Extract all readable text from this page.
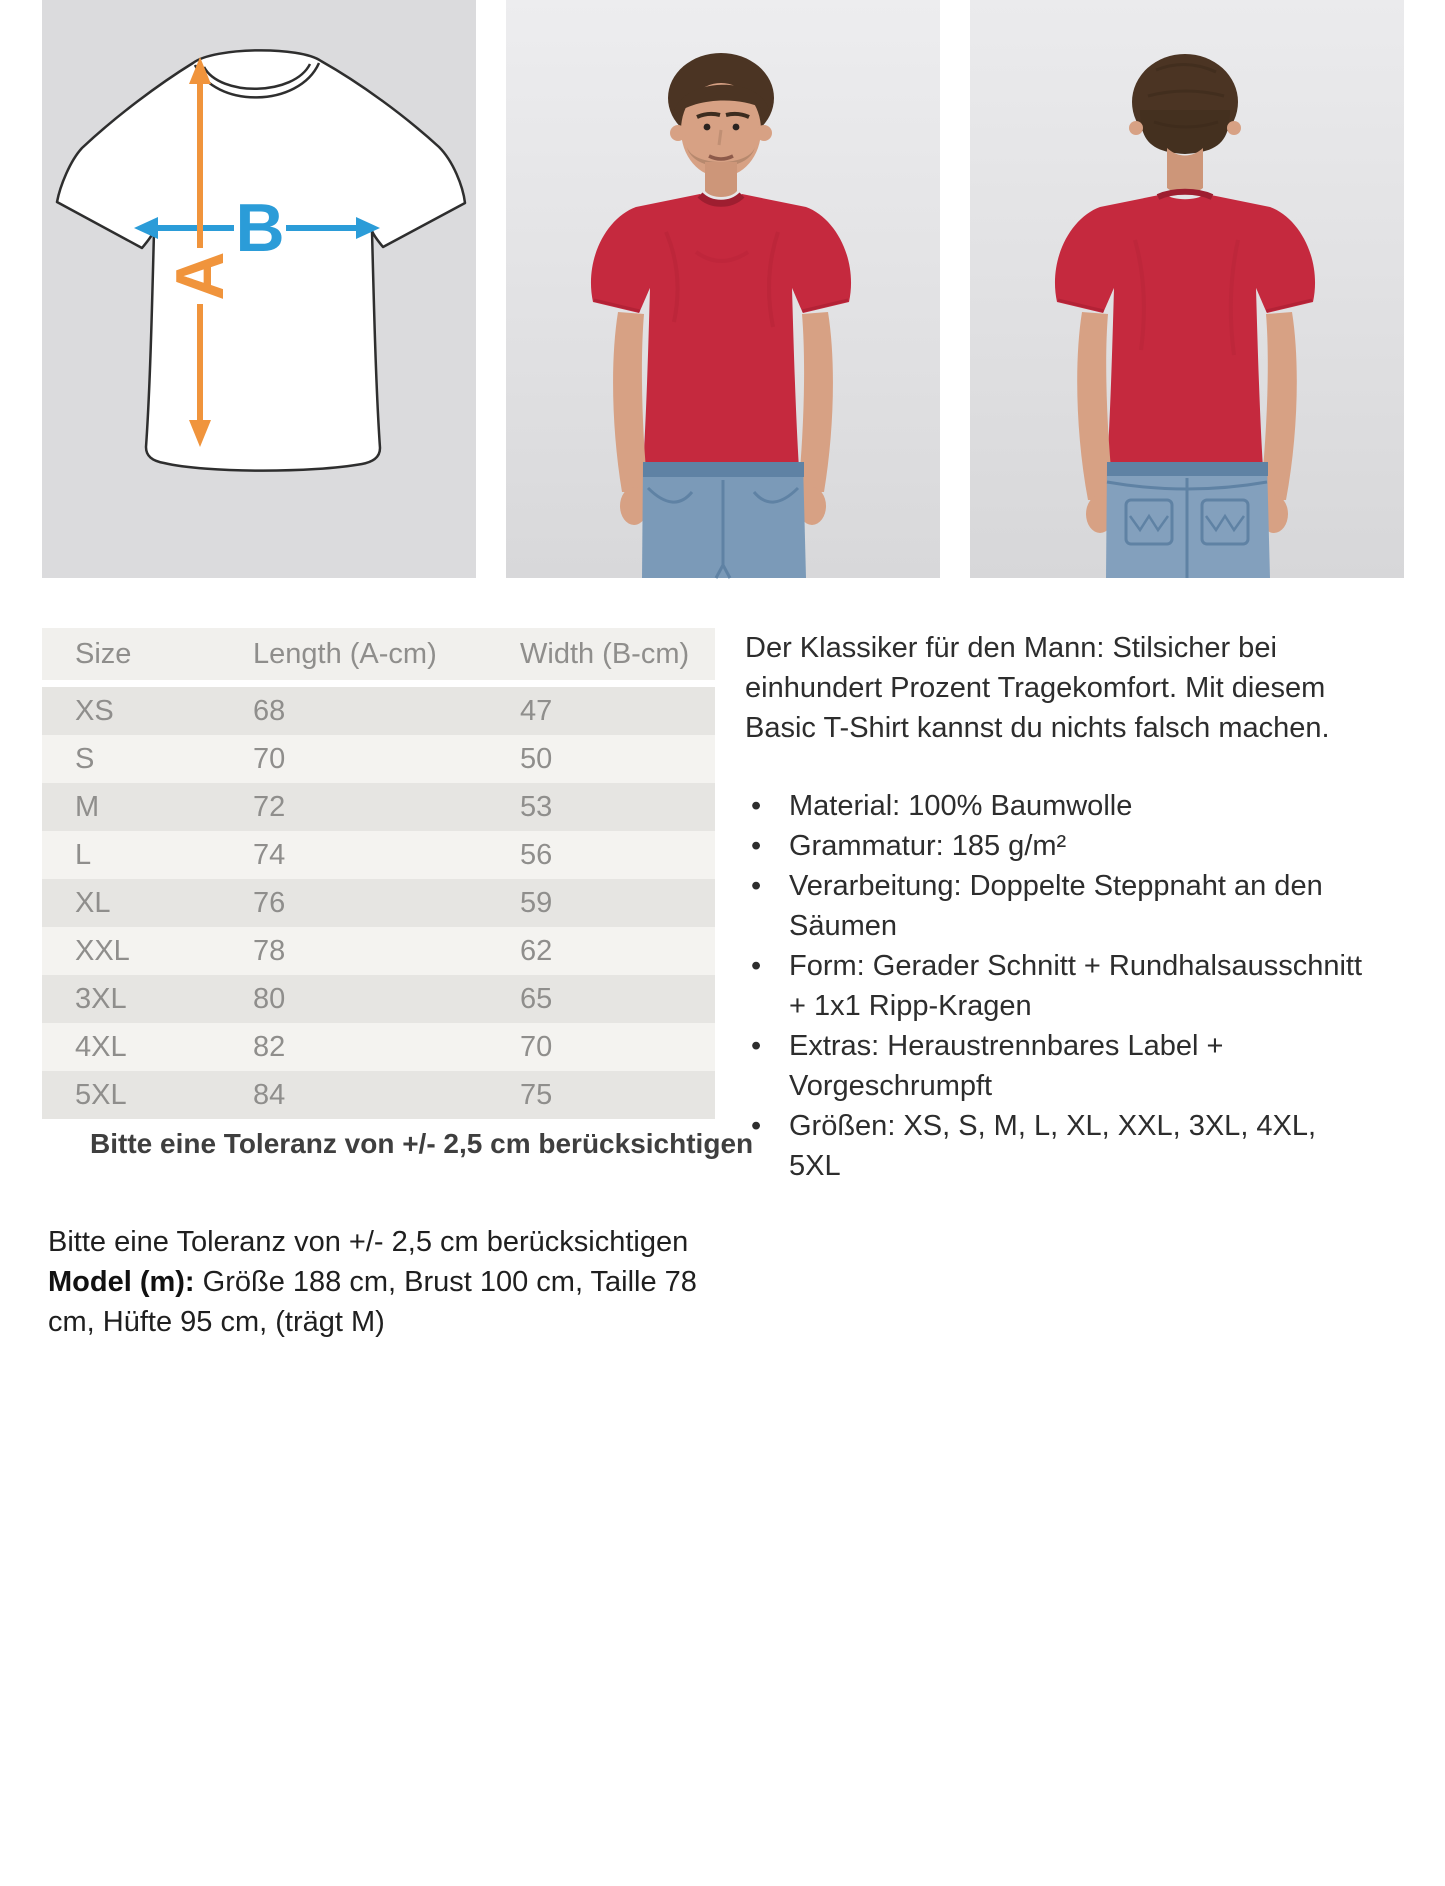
B
A
Size	Length (A-cm)	Width (B-cm)
XS	68	47
S	70	50
M	72	53
L	74	56
XL	76	59
XXL	78	62
3XL	80	65
4XL	82	70
5XL	84	75
Bitte eine Toleranz von +/- 2,5 cm berücksichtigen

Der Klassiker für den Mann: Stilsicher bei einhundert Prozent Tragekomfort. Mit diesem Basic T-Shirt kannst du nichts falsch machen.

• Material: 100% Baumwolle
• Grammatur: 185 g/m²
• Verarbeitung: Doppelte Steppnaht an den Säumen
• Form: Gerader Schnitt + Rundhalsausschnitt + 1x1 Ripp-Kragen
• Extras: Heraustrennbares Label + Vorgeschrumpft
• Größen: XS, S, M, L, XL, XXL, 3XL, 4XL, 5XL
Bitte eine Toleranz von +/- 2,5 cm berücksichtigen
Model (m): Größe 188 cm, Brust 100 cm, Taille 78 cm, Hüfte 95 cm, (trägt M)
